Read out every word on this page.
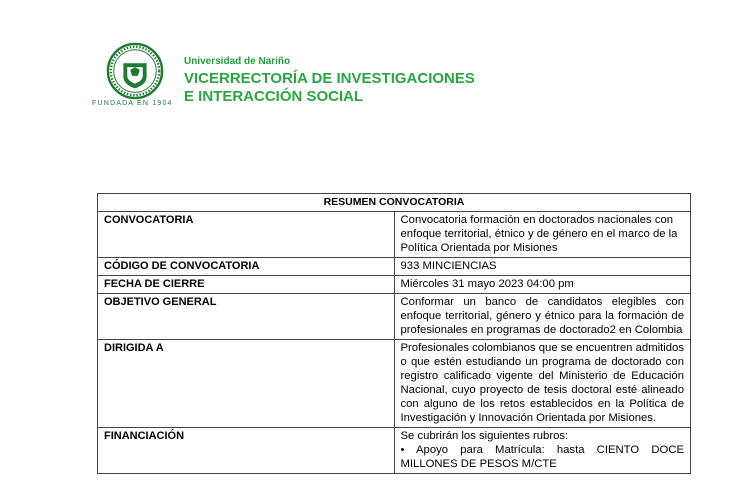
FUNDADA EN 1904
Universidad de Nariño
VICERRECTORÍA DE INVESTIGACIONES
E INTERACCIÓN SOCIAL
RESUMEN CONVOCATORIA	
CONVOCATORIA	Convocatoria formación en doctorados nacionales con enfoque territorial, étnico y de género en el marco de la Política Orientada por Misiones
CÓDIGO DE CONVOCATORIA	933 MINCIENCIAS
FECHA DE CIERRE	Miércoles 31 mayo 2023 04:00 pm
OBJETIVO GENERAL	Conformar un banco de candidatos elegibles con enfoque territorial, género y étnico para la formación de profesionales en programas de doctorado2 en Colombia
DIRIGIDA A	Profesionales colombianos que se encuentren admitidos o que estén estudiando un programa de doctorado con registro calificado vigente del Ministerio de Educación Nacional, cuyo proyecto de tesis doctoral esté alineado con alguno de los retos establecidos en la Política de Investigación y Innovación Orientada por Misiones.
FINANCIACIÓN	Se cubrirán los siguientes rubros:
• Apoyo para Matrícula: hasta CIENTO DOCE MILLONES DE PESOS M/CTE
